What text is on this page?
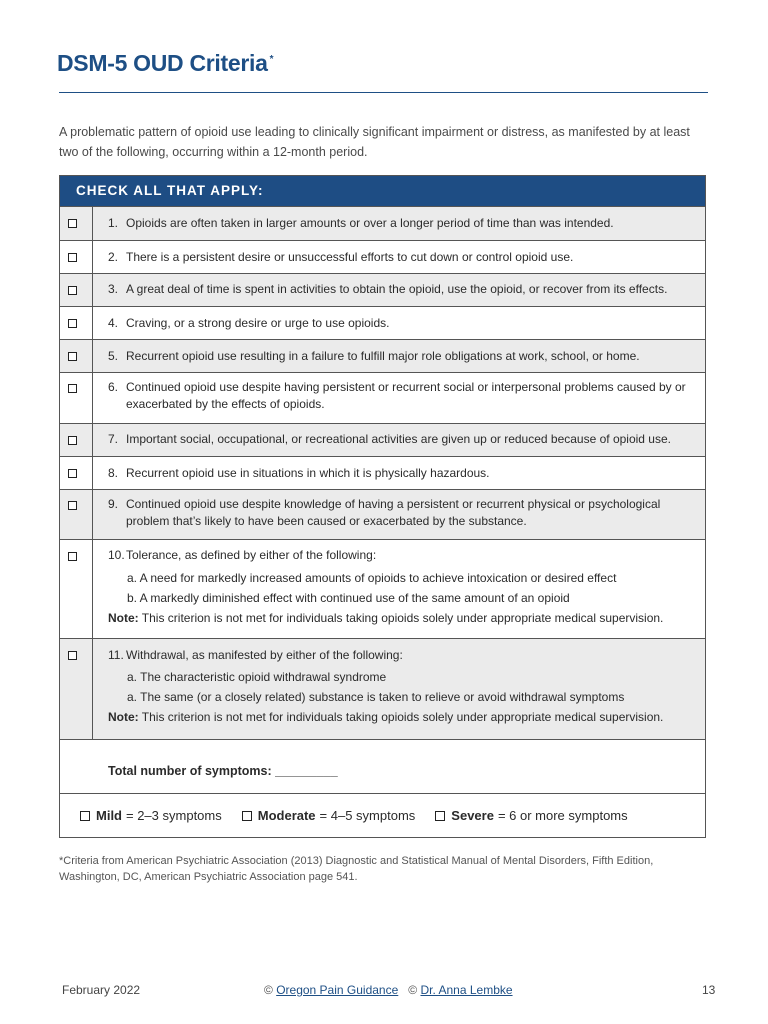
DSM-5 OUD Criteria *
A problematic pattern of opioid use leading to clinically significant impairment or distress, as manifested by at least two of the following, occurring within a 12-month period.
CHECK ALL THAT APPLY:
1. Opioids are often taken in larger amounts or over a longer period of time than was intended.
2. There is a persistent desire or unsuccessful efforts to cut down or control opioid use.
3. A great deal of time is spent in activities to obtain the opioid, use the opioid, or recover from its effects.
4. Craving, or a strong desire or urge to use opioids.
5. Recurrent opioid use resulting in a failure to fulfill major role obligations at work, school, or home.
6. Continued opioid use despite having persistent or recurrent social or interpersonal problems caused by or exacerbated by the effects of opioids.
7. Important social, occupational, or recreational activities are given up or reduced because of opioid use.
8. Recurrent opioid use in situations in which it is physically hazardous.
9. Continued opioid use despite knowledge of having a persistent or recurrent physical or psychological problem that’s likely to have been caused or exacerbated by the substance.
10. Tolerance, as defined by either of the following:
a. A need for markedly increased amounts of opioids to achieve intoxication or desired effect
b. A markedly diminished effect with continued use of the same amount of an opioid
Note: This criterion is not met for individuals taking opioids solely under appropriate medical supervision.
11. Withdrawal, as manifested by either of the following:
a. The characteristic opioid withdrawal syndrome
a. The same (or a closely related) substance is taken to relieve or avoid withdrawal symptoms
Note: This criterion is not met for individuals taking opioids solely under appropriate medical supervision.
Total number of symptoms: _________
Mild = 2–3 symptoms	Moderate = 4–5 symptoms	Severe = 6 or more symptoms
*Criteria from American Psychiatric Association (2013) Diagnostic and Statistical Manual of Mental Disorders, Fifth Edition, Washington, DC, American Psychiatric Association page 541.
February 2022	© Oregon Pain Guidance © Dr. Anna Lembke	13
